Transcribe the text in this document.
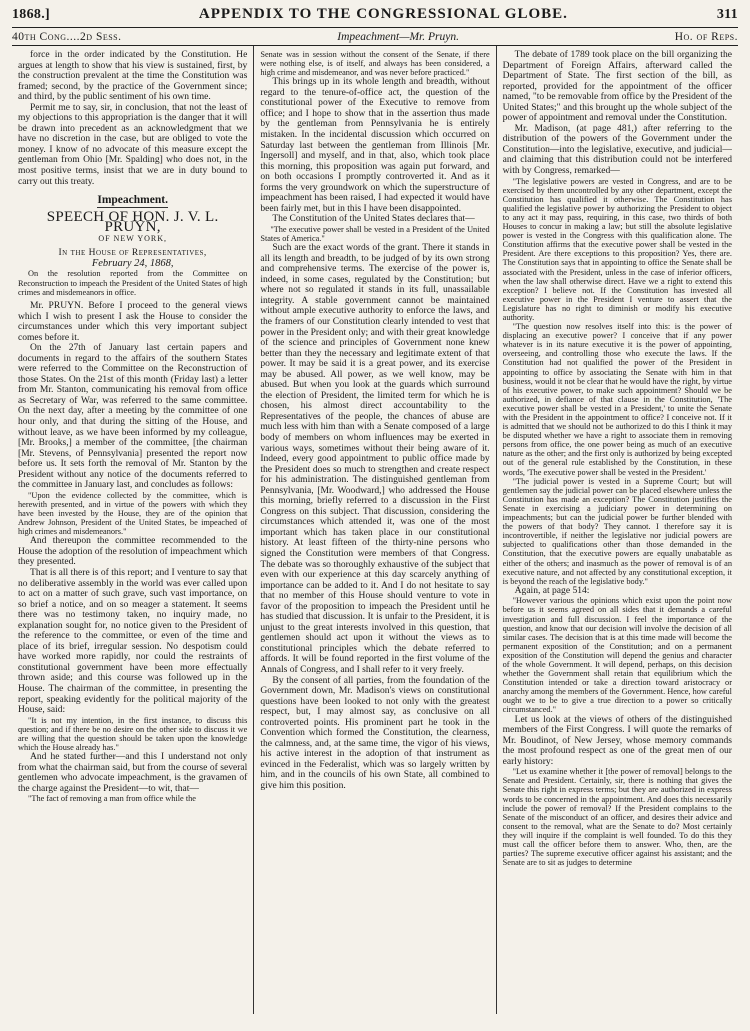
1868.]	APPENDIX TO THE CONGRESSIONAL GLOBE.	311
40th Cong....2d Sess.	Impeachment—Mr. Pruyn.	Ho. of Reps.

force in the order indicated by the Constitution. He argues at length to show that his view is sustained, first, by the construction prevalent at the time the Constitution was framed; second, by the practice of the Government since; and third, by the public sentiment of his own time.

Permit me to say, sir, in conclusion, that not the least of my objections to this appropriation is the danger that it will be drawn into precedent as an acknowledgment that we have no discretion in the case, but are obliged to vote the money. I know of no advocate of this measure except the gentleman from Ohio [Mr. Spalding] who does not, in the most positive terms, insist that we are in duty bound to carry out this treaty.

Impeachment.
SPEECH OF HON. J. V. L. PRUYN,
OF NEW YORK,
In the House of Representatives,
February 24, 1868,

On the resolution reported from the Committee on Reconstruction to impeach the President of the United States of high crimes and misdemeanors in office.

Mr. PRUYN. Before I proceed to the general views which I wish to present I ask the House to consider the circumstances under which this very important subject comes before it.

On the 27th of January last certain papers and documents in regard to the affairs of the southern States were referred to the Committee on the Reconstruction of those States. On the 21st of this month (Friday last) a letter from Mr. Stanton, communicating his removal from office as Secretary of War, was referred to the same committee. On the next day, after a meeting by the committee of one hour only, and that during the sitting of the House, and without leave, as we have been informed by my colleague, [Mr. Brooks,] a member of the committee, [the chairman [Mr. Stevens, of Pennsylvania] presented the report now before us. It sets forth the removal of Mr. Stanton by the President without any notice of the documents referred to the committee in January last, and concludes as follows:

"Upon the evidence collected by the committee, which is herewith presented, and in virtue of the powers with which they have been invested by the House, they are of the opinion that Andrew Johnson, President of the United States, be impeached of high crimes and misdemeanors."

And thereupon the committee recommended to the House the adoption of the resolution of impeachment which they presented.

That is all there is of this report; and I venture to say that no deliberative assembly in the world was ever called upon to act on a matter of such grave, such vast importance, on so brief a notice, and on so meager a statement. It seems there was no testimony taken, no inquiry made, no explanation sought for, no notice given to the President of the reference to the committee, or even of the time and place of its brief, irregular session. No despotism could have worked more rapidly, nor could the restraints of constitutional government have been more effectually thrown aside; and this course was followed up in the House. The chairman of the committee, in presenting the report, speaking evidently for the political majority of the House, said:

"It is not my intention, in the first instance, to discuss this question; and if there be no desire on the other side to discuss it we are willing that the question should be taken upon the knowledge which the House already has."

And he stated further—and this I understand not only from what the chairman said, but from the course of several gentlemen who advocate impeachment, is the gravamen of the charge against the President—to wit, that—

"The fact of removing a man from office while the

Senate was in session without the consent of the Senate, if there were nothing else, is of itself, and always has been considered, a high crime and misdemeanor, and was never before practiced."

This brings up in its whole length and breadth, without regard to the tenure-of-office act, the question of the constitutional power of the Executive to remove from office; and I hope to show that in the assertion thus made by the gentleman from Pennsylvania he is entirely mistaken. In the incidental discussion which occurred on Saturday last between the gentleman from Illinois [Mr. Ingersoll] and myself, and in that, also, which took place this morning, this proposition was again put forward, and on both occasions I promptly controverted it. And as it forms the very groundwork on which the superstructure of impeachment has been raised, I had expected it would have been fairly met, but in this I have been disappointed.

The Constitution of the United States declares that—

"The executive power shall be vested in a President of the United States of America."

Such are the exact words of the grant. There it stands in all its length and breadth, to be judged of by its own strong and comprehensive terms. The exercise of the power is, indeed, in some cases, regulated by the Constitution; but where not so regulated it stands in its full, unassailable integrity. A stable government cannot be maintained without ample executive authority to enforce the laws, and the framers of our Constitution clearly intended to vest that power in the President only; and with their great knowledge of the science and principles of Government none knew better than they the necessary and legitimate extent of that power. It may be said it is a great power, and its exercise may be abused. All power, as we well know, may be abused. But when you look at the guards which surround the election of President, the limited term for which he is chosen, his almost direct accountability to the Representatives of the people, the chances of abuse are much less with him than with a Senate composed of a large body of members on whom influences may be exerted in various ways, sometimes without their being aware of it. Indeed, every good appointment to public office made by the President does so much to strengthen and create respect for his administration. The distinguished gentleman from Pennsylvania, [Mr. Woodward,] who addressed the House this morning, briefly referred to a discussion in the First Congress on this subject. That discussion, considering the circumstances which attended it, was one of the most important which has taken place in our constitutional history. At least fifteen of the thirty-nine persons who signed the Constitution were members of that Congress. The debate was so thoroughly exhaustive of the subject that even with our experience at this day scarcely anything of importance can be added to it. And I do not hesitate to say that no member of this House should venture to vote in favor of the proposition to impeach the President until he has studied that discussion. It is unfair to the President, it is unjust to the great interests involved in this question, that gentlemen should act upon it without the views as to constitutional principles which the debate referred to affords. It will be found reported in the first volume of the Annals of Congress, and I shall refer to it very freely.

By the consent of all parties, from the foundation of the Government down, Mr. Madison's views on constitutional questions have been looked to not only with the greatest respect, but, I may almost say, as conclusive on all controverted points. His prominent part he took in the Convention which formed the Constitution, the clearness, the calmness, and, at the same time, the vigor of his views, his active interest in the adoption of that instrument as evinced in the Federalist, which was so largely written by him, and in the councils of his own State, all combined to give him this position.

The debate of 1789 took place on the bill organizing the Department of Foreign Affairs, afterward called the Department of State. The first section of the bill, as reported, provided for the appointment of the officer named, "to be removable from office by the President of the United States;" and this brought up the whole subject of the power of appointment and removal under the Constitution.

Mr. Madison, (at page 481,) after referring to the distribution of the powers of the Government under the Constitution—into the legislative, executive, and judicial—and claiming that this distribution could not be interfered with by Congress, remarked—

"The legislative powers are vested in Congress, and are to be exercised by them uncontrolled by any other department, except the Constitution has qualified it otherwise. The Constitution has qualified the legislative power by authorizing the President to object to any act it may pass, requiring, in this case, two thirds of both Houses to concur in making a law; but still the absolute legislative power is vested in the Congress with this qualification alone. The Constitution affirms that the executive power shall be vested in the President. Are there exceptions to this proposition? Yes, there are. The Constitution says that in appointing to office the Senate shall be associated with the President, unless in the case of inferior officers, when the law shall otherwise direct. Have we a right to extend this exception? I believe not. If the Constitution has invested all executive power in the President I venture to assert that the Legislature has no right to diminish or modify his executive authority.

"The question now resolves itself into this: is the power of displacing an executive power? I conceive that if any power whatever is in its nature executive it is the power of appointing, overseeing, and controlling those who execute the laws. If the Constitution had not qualified the power of the President in appointing to office by associating the Senate with him in that business, would it not be clear that he would have the right, by virtue of his executive power, to make such appointment? Should we be authorized, in defiance of that clause in the Constitution, 'The executive power shall be vested in a President,' to unite the Senate with the President in the appointment to office? I conceive not. If it is admitted that we should not be authorized to do this I think it may be disputed whether we have a right to associate them in removing persons from office, the one power being as much of an executive nature as the other; and the first only is authorized by being excepted out of the general rule established by the Constitution, in these words, 'The executive power shall be vested in the President.'

"The judicial power is vested in a Supreme Court; but will gentlemen say the judicial power can be placed elsewhere unless the Constitution has made an exception? The Constitution justifies the Senate in exercising a judiciary power in determining on impeachments; but can the judicial power be further blended with the powers of that body? They cannot. I therefore say it is incontrovertible, if neither the legislative nor judicial powers are subjected to qualifications other than those demanded in the Constitution, that the executive powers are equally unabatable as either of the others; and inasmuch as the power of removal is of an executive nature, and not affected by any constitutional exception, it is beyond the reach of the legislative body."

Again, at page 514:

"However various the opinions which exist upon the point now before us it seems agreed on all sides that it demands a careful investigation and full discussion. I feel the importance of the question, and know that our decision will involve the decision of all similar cases. The decision that is at this time made will become the permanent exposition of the Constitution; and on a permanent exposition of the Constitution will depend the genius and character of the whole Government. It will depend, perhaps, on this decision whether the Government shall retain that equilibrium which the Constitution intended or take a direction toward aristocracy or anarchy among the members of the Government. Hence, how careful ought we to be to give a true direction to a power so critically circumstanced."

Let us look at the views of others of the distinguished members of the First Congress. I will quote the remarks of Mr. Boudinot, of New Jersey, whose memory commands the most profound respect as one of the great men of our early history:

"Let us examine whether it [the power of removal] belongs to the Senate and President. Certainly, sir, there is nothing that gives the Senate this right in express terms; but they are authorized in express words to be concerned in the appointment. And does this necessarily include the power of removal? If the President complains to the Senate of the misconduct of an officer, and desires their advice and consent to the removal, what are the Senate to do? Most certainly they will inquire if the complaint is well founded. To do this they must call the officer before them to answer. Who, then, are the parties? The supreme executive officer against his assistant; and the Senate are to sit as judges to determine
